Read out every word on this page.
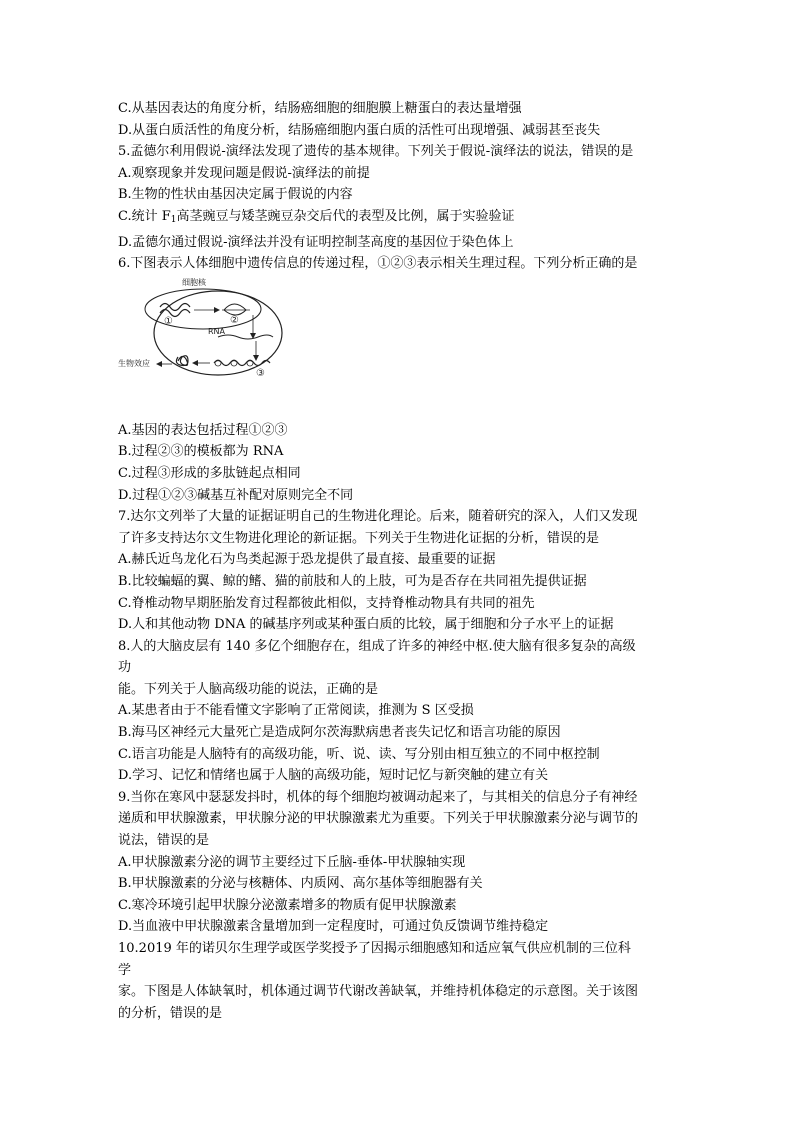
C.从基因表达的角度分析，结肠癌细胞的细胞膜上糖蛋白的表达量增强
D.从蛋白质活性的角度分析，结肠癌细胞内蛋白质的活性可出现增强、减弱甚至丧失
5.孟德尔利用假说-演绎法发现了遗传的基本规律。下列关于假说-演绎法的说法，错误的是
A.观察现象并发现问题是假说-演绎法的前提
B.生物的性状由基因决定属于假说的内容
C.统计 $F_1$高茎豌豆与矮茎豌豆杂交后代的表型及比例，属于实验验证
D.孟德尔通过假说-演绎法并没有证明控制茎高度的基因位于染色体上
6.下图表示人体细胞中遗传信息的传递过程，①②③表示相关生理过程。下列分析正确的是
细胞核
①	②
RNA
生物效应
③
A.基因的表达包括过程①②③
B.过程②③的模板都为 RNA
C.过程③形成的多肽链起点相同
D.过程①②③碱基互补配对原则完全不同
7.达尔文列举了大量的证据证明自己的生物进化理论。后来，随着研究的深入，人们又发现
了许多支持达尔文生物进化理论的新证据。下列关于生物进化证据的分析，错误的是
A.赫氏近鸟龙化石为鸟类起源于恐龙提供了最直接、最重要的证据
B.比较蝙蝠的翼、鲸的鳍、猫的前肢和人的上肢，可为是否存在共同祖先提供证据
C.脊椎动物早期胚胎发育过程都彼此相似，支持脊椎动物具有共同的祖先
D.人和其他动物 DNA 的碱基序列或某种蛋白质的比较，属于细胞和分子水平上的证据
8.人的大脑皮层有 140 多亿个细胞存在，组成了许多的神经中枢.使大脑有很多复杂的高级
功
能。下列关于人脑高级功能的说法，正确的是
A.某患者由于不能看懂文字影响了正常阅读，推测为 S 区受损
B.海马区神经元大量死亡是造成阿尔茨海默病患者丧失记忆和语言功能的原因
C.语言功能是人脑特有的高级功能，听、说、读、写分别由相互独立的不同中枢控制
D.学习、记忆和情绪也属于人脑的高级功能，短时记忆与新突触的建立有关
9.当你在寒风中瑟瑟发抖时，机体的每个细胞均被调动起来了，与其相关的信息分子有神经
递质和甲状腺激素，甲状腺分泌的甲状腺激素尤为重要。下列关于甲状腺激素分泌与调节的
说法，错误的是
A.甲状腺激素分泌的调节主要经过下丘脑-垂体-甲状腺轴实现
B.甲状腺激素的分泌与核糖体、内质网、高尔基体等细胞器有关
C.寒冷环境引起甲状腺分泌激素增多的物质有促甲状腺激素
D.当血液中甲状腺激素含量增加到一定程度时，可通过负反馈调节维持稳定
10.2019 年的诺贝尔生理学或医学奖授予了因揭示细胞感知和适应氧气供应机制的三位科
学
家。下图是人体缺氧时，机体通过调节代谢改善缺氧，并维持机体稳定的示意图。关于该图
的分析，错误的是
